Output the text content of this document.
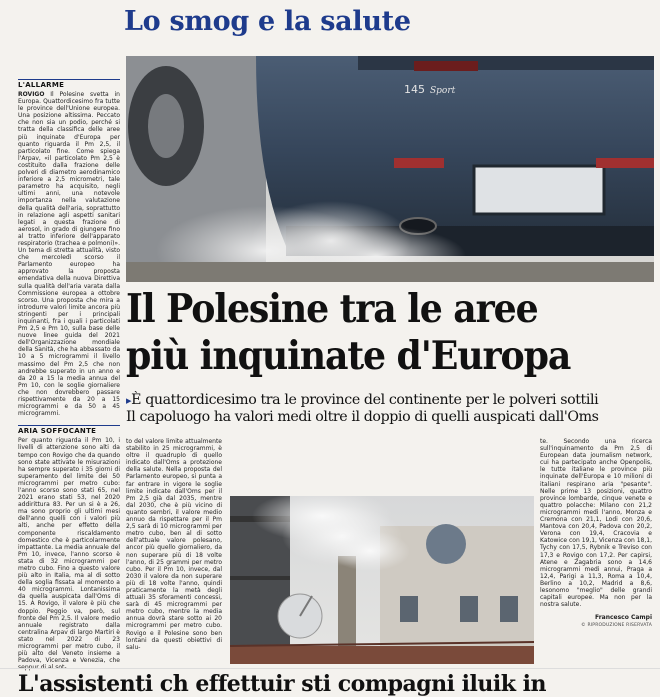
Lo smog e la salute
145 Sport
L'ALLARME

ROVIGO Il Polesine svetta in Europa. Quattordicesimo fra tutte le province dell'Unione europea. Una posizione altissima. Peccato che non sia un podio, perché si tratta della classifica delle aree più inquinate d'Europa per quanto riguarda il Pm 2,5, il particolato fine. Come spiega l'Arpav, «il particolato Pm 2,5 è costituito dalla frazione delle polveri di diametro aerodinamico inferiore a 2,5 micrometri, tale parametro ha acquisito, negli ultimi anni, una notevole importanza nella valutazione della qualità dell'aria, soprattutto in relazione agli aspetti sanitari legati a questa frazione di aerosol, in grado di giungere fino al tratto inferiore dell'apparato respiratorio (trachea e polmoni)». Un tema di stretta attualità, visto che mercoledì scorso il Parlamento europeo ha approvato la proposta emendativa della nuova Direttiva sulla qualità dell'aria varata dalla Commissione europea a ottobre scorso. Una proposta che mira a introdurre valori limite ancora più stringenti per i principali inquinanti, fra i quali i particolati Pm 2,5 e Pm 10, sulla base delle nuove linee guida del 2021 dell'Organizzazione mondiale della Sanità, che ha abbassato da 10 a 5 microgrammi il livello massimo del Pm 2,5 che non andrebbe superato in un anno e da 20 a 15 la media annua del Pm 10, con le soglie giornaliere che non dovrebbero passare rispettivamente da 20 a 15 microgrammi e da 50 a 45 microgrammi.

ARIA SOFFOCANTE

Per quanto riguarda il Pm 10, i livelli di attenzione sono alti da tempo con Rovigo che da quando sono state attivate le misurazioni ha sempre superato i 35 giorni di superamento del limite dei 50 microgrammi per metro cubo: l'anno scorso sono stati 65, nel 2021 erano stati 53, nel 2020 addirittura 83. Per un si è a 26, ma sono proprio gli ultimi mesi dell'anno quelli con i valori più alti, anche per effetto della componente riscaldamento domestico che è particolarmente impattante. La media annuale del Pm 10, invece, l'anno scorso è stata di 32 microgrammi per metro cubo. Fino a questo valore più alto in Italia, ma al di sotto della soglia fissata al momento a 40 microgrammi. Lontanissima da quella auspicata dall'Oms di 15. A Rovigo, il valore è più che doppio. Peggio va, però, sul fronte del Pm 2,5. Il valore medio annuale registrato dalla centralina Arpav di largo Martiri è stato nel 2022 di 23 microgrammi per metro cubo, il più alto del Veneto insieme a Padova, Vicenza e Venezia, che

Il Polesine tra le aree
più inquinate d'Europa
▸È quattordicesimo tra le province del continente per le polveri sottili
Il capoluogo ha valori medi oltre il doppio di quelli auspicati dall'Oms

to del valore limite attualmente stabilito in 25 microgrammi, è oltre il quadruplo di quello indicato dall'Oms a protezione della salute. Nella proposta del Parlamento europeo, si punta a far entrare in vigore le soglie limite indicate dall'Oms per il Pm 2,5 già dal 2035, mentre dal 2030, che è più vicino di quanto sembri, il valore medio annuo da rispettare per il Pm 2,5 sarà di 10 microgrammi per metro cubo, ben al di sotto dell'attuale valore polesano, ancor più quello giornaliero, da non superare più di 18 volte l'anno, di 25 grammi per metro cubo. Per il Pm 10, invece, dal 2030 il valore da non superare più di 18 volte l'anno, quindi praticamente la metà degli attuali 35 sforamenti concessi, sarà di 45 microgrammi per metro cubo, mentre la media annua dovrà stare sotto ai 20 microgrammi per metro cubo. Rovigo e il Polesine sono ben lontani da questi obiettivi di salu-

te. Secondo una ricerca sull'inquinamento da Pm 2,5 di European data journalism network, cui ha partecipato anche Openpolis, le tutte italiane le province più inquinate dell'Europa e 10 milioni di italiani respirano aria "pesante". Nelle prime 13 posizioni, quattro province lombarde, cinque venete e quattro polacche: Milano con 21,2 microgrammi medi l'anno, Monza e Cremona con 21,1, Lodi con 20,6, Mantova con 20,4, Padova con 20,2, Verona con 19,4, Cracovia e Katowice con 19,1, Vicenza con 18,1, Tychy con 17,5, Rybnik e Treviso con 17,3 e Rovigo con 17,2. Per capirsi, Atene e Zagabria sono a 14,6 microgrammi medi annui, Praga a 12,4, Parigi a 11,3, Roma a 10,4, Berlino a 10,2, Madrid a 8,6, lesonomo "meglio" delle grandi capitali europee. Ma non per la nostra salute.

Francesco Campi
© RIPRODUZIONE RISERVATA
L'assistenti ch effettuir sti compagni iluik in
